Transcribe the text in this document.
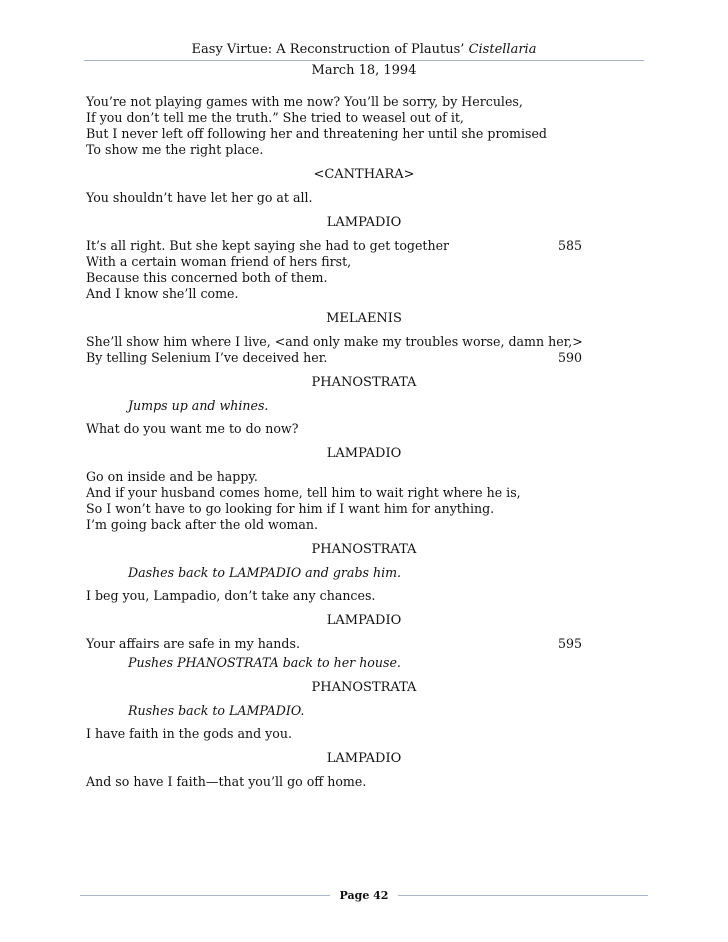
Easy Virtue: A Reconstruction of Plautus’ Cistellaria
March 18, 1994
You’re not playing games with me now? You’ll be sorry, by Hercules,
If you don’t tell me the truth.” She tried to weasel out of it,
But I never left off following her and threatening her until she promised
To show me the right place.
<CANTHARA>
You shouldn’t have let her go at all.
LAMPADIO
It’s all right. But she kept saying she had to get together	585
With a certain woman friend of hers first,
Because this concerned both of them.
And I know she’ll come.
MELAENIS
She’ll show him where I live, <and only make my troubles worse, damn her,>
By telling Selenium I’ve deceived her.	590
PHANOSTRATA
Jumps up and whines.
What do you want me to do now?
LAMPADIO
Go on inside and be happy.
And if your husband comes home, tell him to wait right where he is,
So I won’t have to go looking for him if I want him for anything.
I’m going back after the old woman.
PHANOSTRATA
Dashes back to LAMPADIO and grabs him.
I beg you, Lampadio, don’t take any chances.
LAMPADIO
Your affairs are safe in my hands.	595
Pushes PHANOSTRATA back to her house.
PHANOSTRATA
Rushes back to LAMPADIO.
I have faith in the gods and you.
LAMPADIO
And so have I faith—that you’ll go off home.
Page 42
